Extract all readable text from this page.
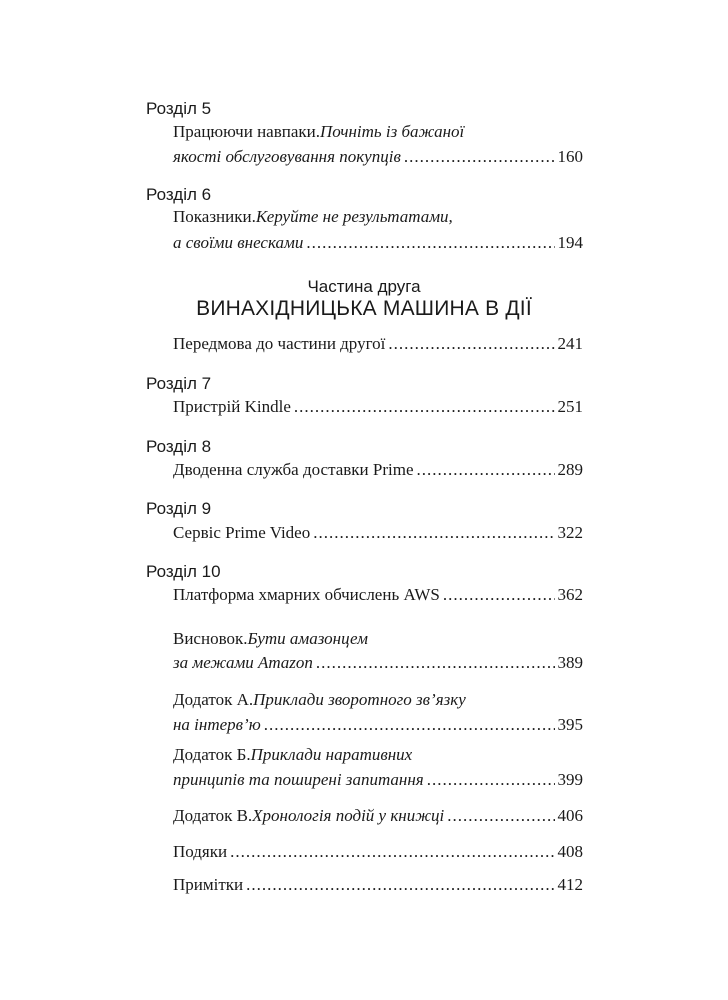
Розділ 5
Працюючи навпаки. Почніть із бажаної
якості обслуговування покупців .....	160
Розділ 6
Показники. Керуйте не результатами,
а своїми внесками .....	194
Частина друга
ВИНАХІДНИЦЬКА МАШИНА В ДІЇ
Передмова до частини другої .....	241
Розділ 7
Пристрій Kindle .....	251
Розділ 8
Дводенна служба доставки Prime .....	289
Розділ 9
Сервіс Prime Video .....	322
Розділ 10
Платформа хмарних обчислень AWS .....	362
Висновок. Бути амазонцем
за межами Amazon .....	389
Додаток А. Приклади зворотного зв’язку
на інтерв’ю .....	395
Додаток Б. Приклади наративних
принципів та поширені запитання .....	399
Додаток В. Хронологія подій у книжці .....	406
Подяки .....	408
Примітки .....	412
